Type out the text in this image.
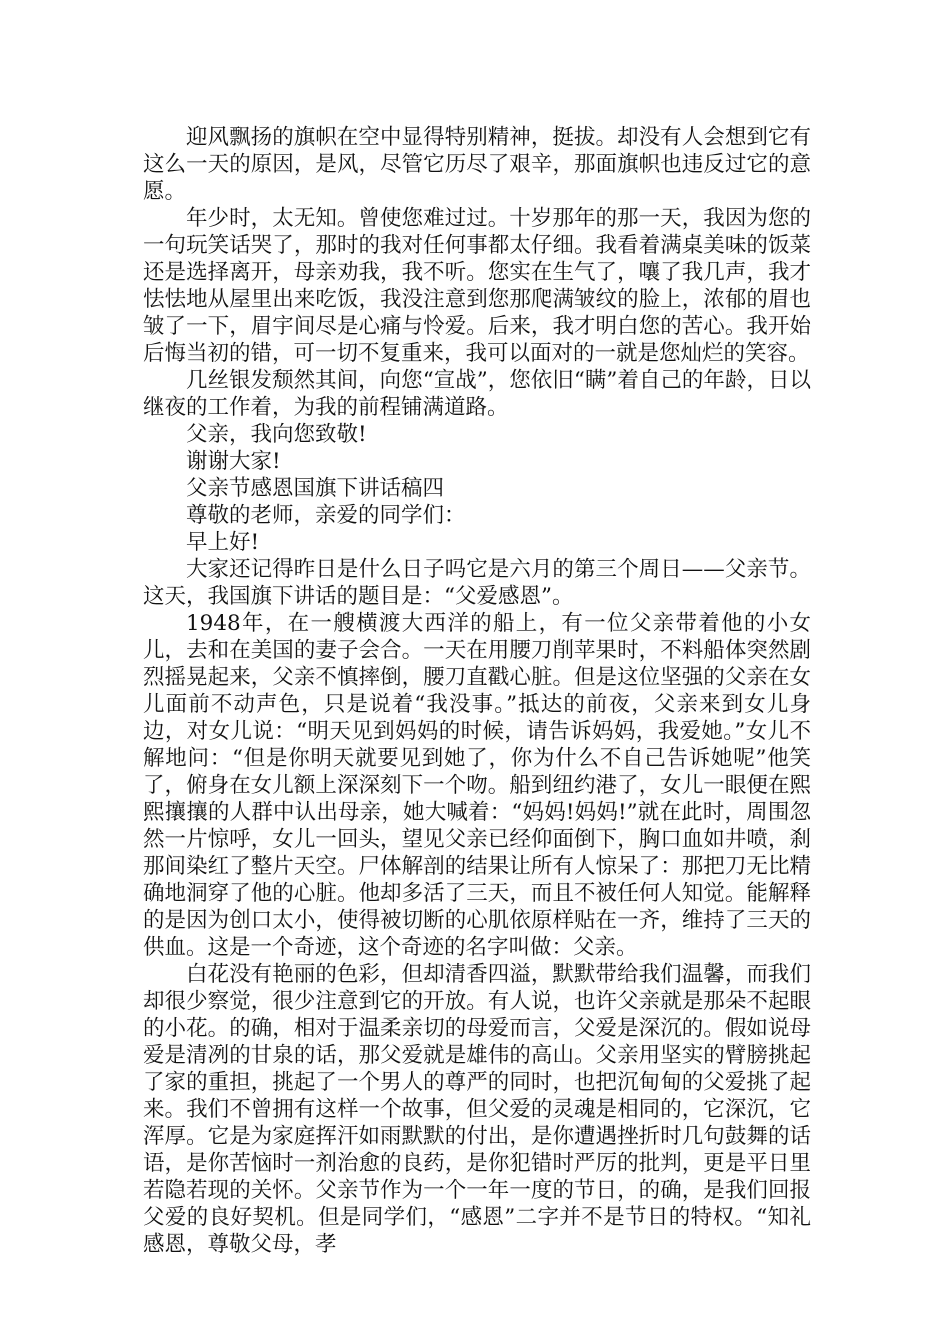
迎风飘扬的旗帜在空中显得特别精神，挺拔。却没有人会想到它有这么一天的原因，是风，尽管它历尽了艰辛，那面旗帜也违反过它的意愿。

年少时，太无知。曾使您难过过。十岁那年的那一天，我因为您的一句玩笑话哭了，那时的我对任何事都太仔细。我看着满桌美味的饭菜还是选择离开，母亲劝我，我不听。您实在生气了，嚷了我几声，我才怯怯地从屋里出来吃饭，我没注意到您那爬满皱纹的脸上，浓郁的眉也皱了一下，眉宇间尽是心痛与怜爱。后来，我才明白您的苦心。我开始后悔当初的错，可一切不复重来，我可以面对的一就是您灿烂的笑容。

几丝银发颓然其间，向您“宣战”，您依旧“瞒”着自己的年龄，日以继夜的工作着，为我的前程铺满道路。

父亲，我向您致敬!

谢谢大家!

父亲节感恩国旗下讲话稿四

尊敬的老师，亲爱的同学们：

早上好!

大家还记得昨日是什么日子吗它是六月的第三个周日——父亲节。这天，我国旗下讲话的题目是：“父爱感恩”。

1948年，在一艘横渡大西洋的船上，有一位父亲带着他的小女儿，去和在美国的妻子会合。一天在用腰刀削苹果时，不料船体突然剧烈摇晃起来，父亲不慎摔倒，腰刀直戳心脏。但是这位坚强的父亲在女儿面前不动声色，只是说着“我没事。”抵达的前夜，父亲来到女儿身边，对女儿说：“明天见到妈妈的时候，请告诉妈妈，我爱她。”女儿不解地问：“但是你明天就要见到她了，你为什么不自己告诉她呢”他笑了，俯身在女儿额上深深刻下一个吻。船到纽约港了，女儿一眼便在熙熙攘攘的人群中认出母亲，她大喊着：“妈妈!妈妈!”就在此时，周围忽然一片惊呼，女儿一回头，望见父亲已经仰面倒下，胸口血如井喷，刹那间染红了整片天空。尸体解剖的结果让所有人惊呆了：那把刀无比精确地洞穿了他的心脏。他却多活了三天，而且不被任何人知觉。能解释的是因为创口太小，使得被切断的心肌依原样贴在一齐，维持了三天的供血。这是一个奇迹，这个奇迹的名字叫做：父亲。

白花没有艳丽的色彩，但却清香四溢，默默带给我们温馨，而我们却很少察觉，很少注意到它的开放。有人说，也许父亲就是那朵不起眼的小花。的确，相对于温柔亲切的母爱而言，父爱是深沉的。假如说母爱是清冽的甘泉的话，那父爱就是雄伟的高山。父亲用坚实的臂膀挑起了家的重担，挑起了一个男人的尊严的同时，也把沉甸甸的父爱挑了起来。我们不曾拥有这样一个故事，但父爱的灵魂是相同的，它深沉，它浑厚。它是为家庭挥汗如雨默默的付出，是你遭遇挫折时几句鼓舞的话语，是你苦恼时一剂治愈的良药，是你犯错时严厉的批判，更是平日里若隐若现的关怀。父亲节作为一个一年一度的节日，的确，是我们回报父爱的良好契机。但是同学们，“感恩”二字并不是节日的特权。“知礼感恩，尊敬父母，孝
